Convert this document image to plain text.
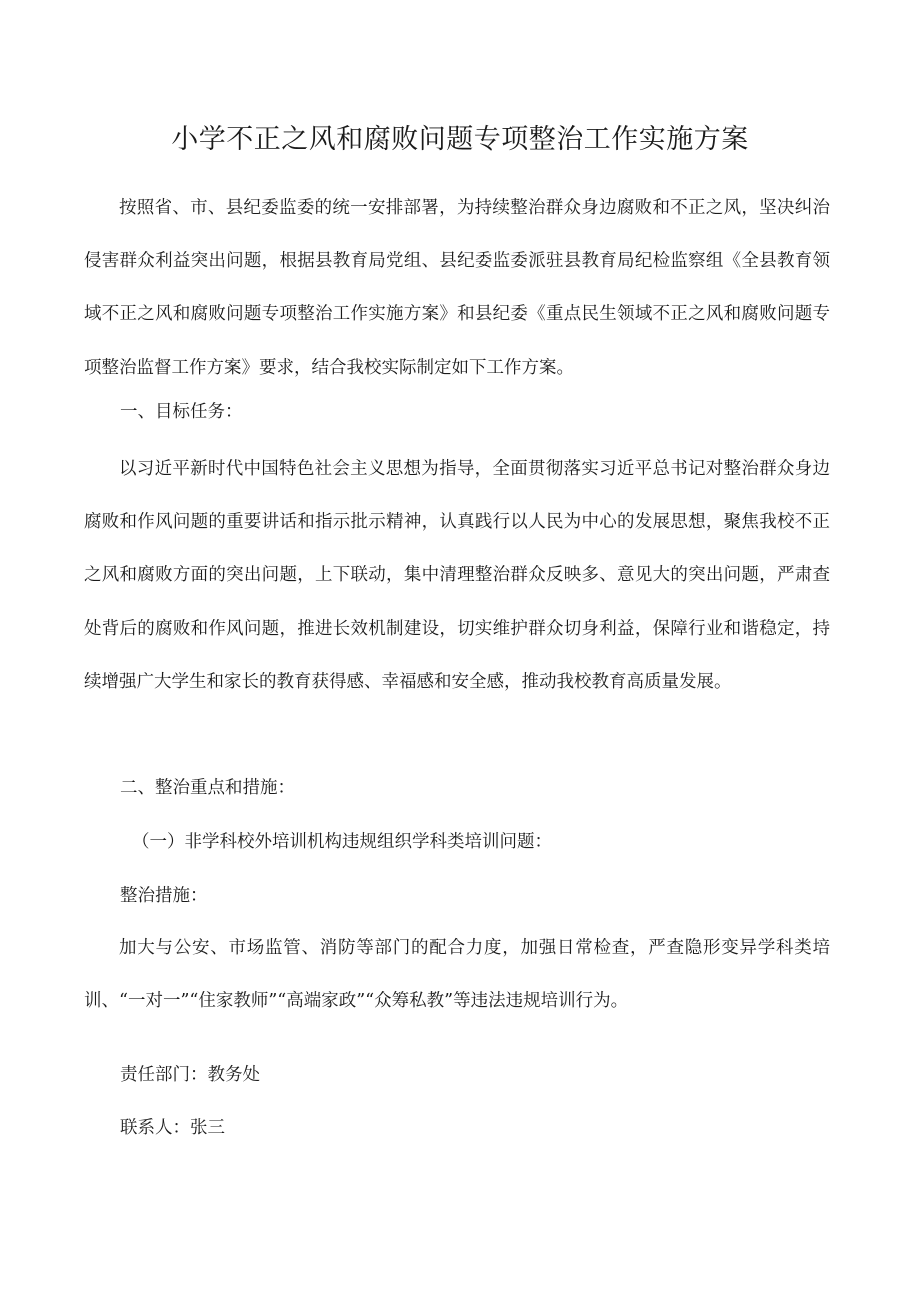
小学不正之风和腐败问题专项整治工作实施方案

按照省、市、县纪委监委的统一安排部署，为持续整治群众身边腐败和不正之风，坚决纠治侵害群众利益突出问题，根据县教育局党组、县纪委监委派驻县教育局纪检监察组《全县教育领域不正之风和腐败问题专项整治工作实施方案》和县纪委《重点民生领域不正之风和腐败问题专项整治监督工作方案》要求，结合我校实际制定如下工作方案。

一、目标任务：

以习近平新时代中国特色社会主义思想为指导，全面贯彻落实习近平总书记对整治群众身边腐败和作风问题的重要讲话和指示批示精神，认真践行以人民为中心的发展思想，聚焦我校不正之风和腐败方面的突出问题，上下联动，集中清理整治群众反映多、意见大的突出问题，严肃查处背后的腐败和作风问题，推进长效机制建设，切实维护群众切身利益，保障行业和谐稳定，持续增强广大学生和家长的教育获得感、幸福感和安全感，推动我校教育高质量发展。

二、整治重点和措施：

（一）非学科校外培训机构违规组织学科类培训问题：

整治措施：

加大与公安、市场监管、消防等部门的配合力度，加强日常检查，严查隐形变异学科类培训、“一对一”“住家教师”“高端家政”“众筹私教”等违法违规培训行为。

责任部门：教务处

联系人：张三
